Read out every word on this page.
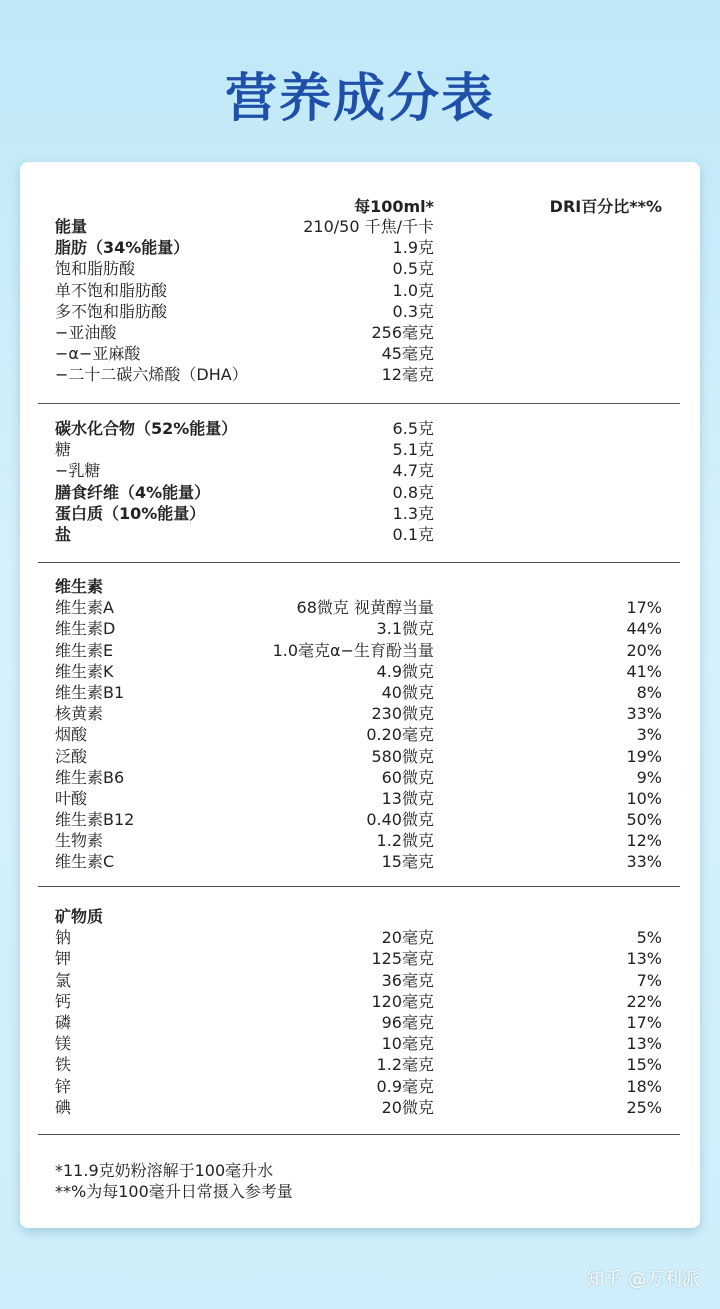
营养成分表
每100ml*	DRI百分比**%
能量	210/50 千焦/千卡
脂肪（34%能量）	1.9克
饱和脂肪酸	0.5克
单不饱和脂肪酸	1.0克
多不饱和脂肪酸	0.3克
−亚油酸	256毫克
−α−亚麻酸	45毫克
−二十二碳六烯酸（DHA）	12毫克
碳水化合物（52%能量）	6.5克
糖	5.1克
−乳糖	4.7克
膳食纤维（4%能量）	0.8克
蛋白质（10%能量）	1.3克
盐	0.1克
维生素
维生素A	68微克 视黄醇当量	17%
维生素D	3.1微克	44%
维生素E	1.0毫克α−生育酚当量	20%
维生素K	4.9微克	41%
维生素B1	40微克	8%
核黄素	230微克	33%
烟酸	0.20毫克	3%
泛酸	580微克	19%
维生素B6	60微克	9%
叶酸	13微克	10%
维生素B12	0.40微克	50%
生物素	1.2微克	12%
维生素C	15毫克	33%
矿物质
钠	20毫克	5%
钾	125毫克	13%
氯	36毫克	7%
钙	120毫克	22%
磷	96毫克	17%
镁	10毫克	13%
铁	1.2毫克	15%
锌	0.9毫克	18%
碘	20微克	25%
*11.9克奶粉溶解于100毫升水
**%为每100毫升日常摄入参考量
知乎 @万利派
